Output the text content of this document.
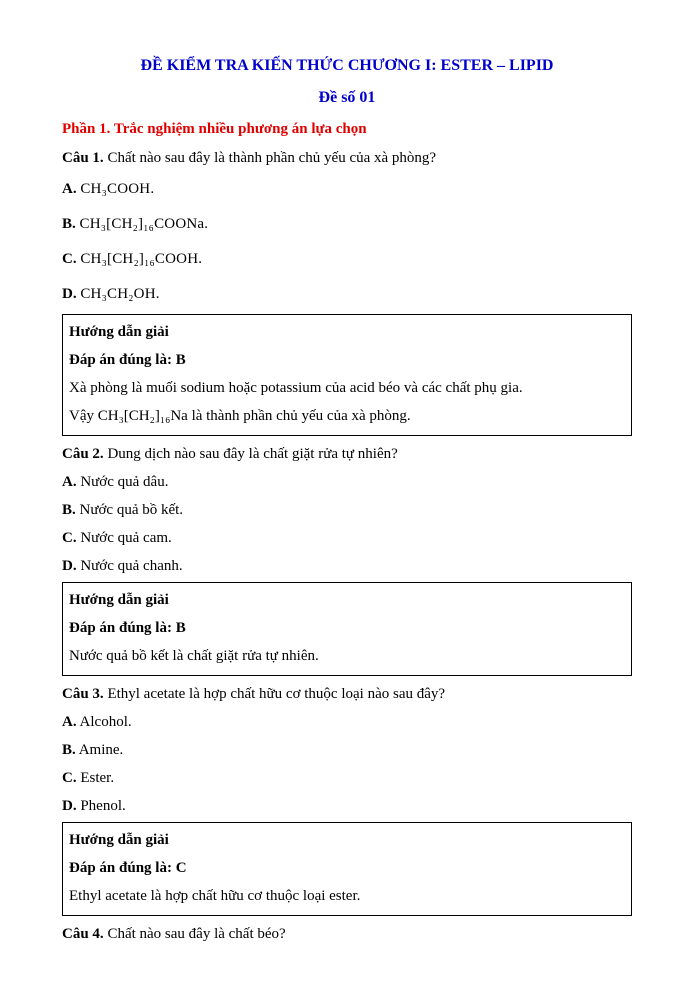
ĐỀ KIỂM TRA KIẾN THỨC CHƯƠNG I: ESTER – LIPID

Đề số 01

Phần 1. Trắc nghiệm nhiều phương án lựa chọn

Câu 1. Chất nào sau đây là thành phần chủ yếu của xà phòng?

A. CH₃COOH.

B. CH₃[CH₂]₁₆COONa.

C. CH₃[CH₂]₁₆COOH.

D. CH₃CH₂OH.

Hướng dẫn giải

Đáp án đúng là: B

Xà phòng là muối sodium hoặc potassium của acid béo và các chất phụ gia.

Vậy CH₃[CH₂]₁₆Na là thành phần chủ yếu của xà phòng.

Câu 2. Dung dịch nào sau đây là chất giặt rửa tự nhiên?

A. Nước quả dâu.

B. Nước quả bồ kết.

C. Nước quả cam.

D. Nước quả chanh.

Hướng dẫn giải

Đáp án đúng là: B

Nước quả bồ kết là chất giặt rửa tự nhiên.

Câu 3. Ethyl acetate là hợp chất hữu cơ thuộc loại nào sau đây?

A. Alcohol.

B. Amine.

C. Ester.

D. Phenol.

Hướng dẫn giải

Đáp án đúng là: C

Ethyl acetate là hợp chất hữu cơ thuộc loại ester.

Câu 4. Chất nào sau đây là chất béo?
